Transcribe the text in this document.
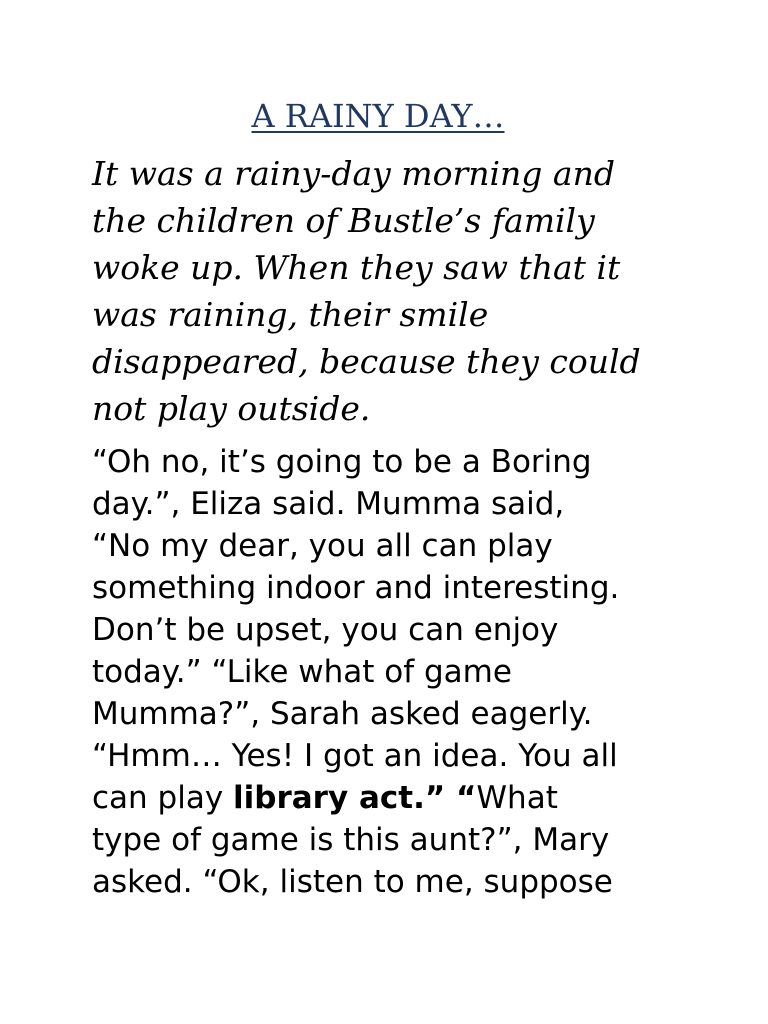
A RAINY DAY…

It was a rainy-day morning and
the children of Bustle’s family
woke up. When they saw that it
was raining, their smile
disappeared, because they could
not play outside.

“Oh no, it’s going to be a Boring
day.”, Eliza said. Mumma said,
“No my dear, you all can play
something indoor and interesting.
Don’t be upset, you can enjoy
today.” “Like what of game
Mumma?”, Sarah asked eagerly.
“Hmm… Yes! I got an idea. You all
can play library act.” “What
type of game is this aunt?”, Mary
asked. “Ok, listen to me, suppose
